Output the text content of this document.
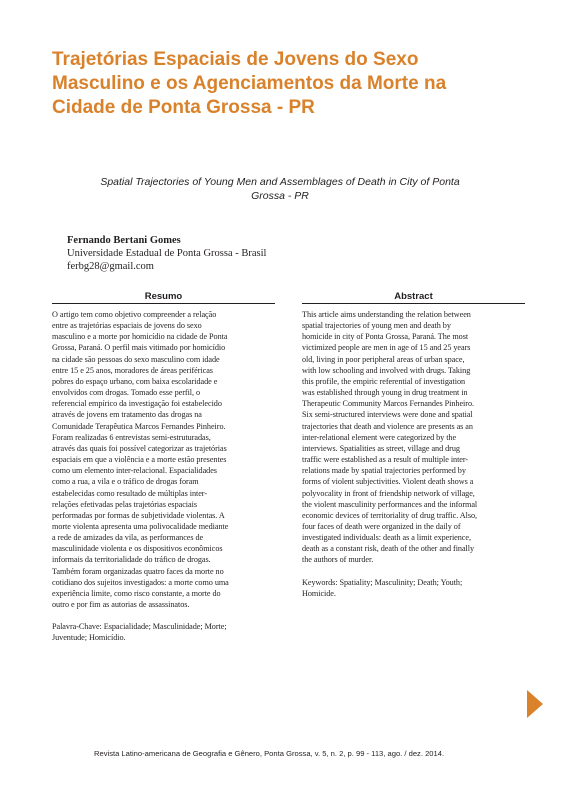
Trajetórias Espaciais de Jovens do Sexo
Masculino e os Agenciamentos da Morte na
Cidade de Ponta Grossa - PR
Spatial Trajectories of Young Men and Assemblages of Death in City of Ponta
Grossa - PR
Fernando Bertani Gomes
Universidade Estadual de Ponta Grossa - Brasil
ferbg28@gmail.com
Resumo
O artigo tem como objetivo compreender a relação
entre as trajetórias espaciais de jovens do sexo
masculino e a morte por homicídio na cidade de Ponta
Grossa, Paraná. O perfil mais vitimado por homicídio
na cidade são pessoas do sexo masculino com idade
entre 15 e 25 anos, moradores de áreas periféricas
pobres do espaço urbano, com baixa escolaridade e
envolvidos com drogas. Tomado esse perfil, o
referencial empírico da investigação foi estabelecido
através de jovens em tratamento das drogas na
Comunidade Terapêutica Marcos Fernandes Pinheiro.
Foram realizadas 6 entrevistas semi-estruturadas,
através das quais foi possível categorizar as trajetórias
espaciais em que a violência e a morte estão presentes
como um elemento inter-relacional. Espacialidades
como a rua, a vila e o tráfico de drogas foram
estabelecidas como resultado de múltiplas inter-
relações efetivadas pelas trajetórias espaciais
performadas por formas de subjetividade violentas. A
morte violenta apresenta uma polivocalidade mediante
a rede de amizades da vila, as performances de
masculinidade violenta e os dispositivos econômicos
informais da territorialidade do tráfico de drogas.
Também foram organizadas quatro faces da morte no
cotidiano dos sujeitos investigados: a morte como uma
experiência limite, como risco constante, a morte do
outro e por fim as autorias de assassinatos.
Palavra-Chave: Espacialidade; Masculinidade; Morte;
Juventude; Homicídio.
Abstract
This article aims understanding the relation between
spatial trajectories of young men and death by
homicide in city of Ponta Grossa, Paraná. The most
victimized people are men in age of 15 and 25 years
old, living in poor peripheral areas of urban space,
with low schooling and involved with drugs. Taking
this profile, the empiric referential of investigation
was established through young in drug treatment in
Therapeutic Community Marcos Fernandes Pinheiro.
Six semi-structured interviews were done and spatial
trajectories that death and violence are presents as an
inter-relational element were categorized by the
interviews. Spatialities as street, village and drug
traffic were established as a result of multiple inter-
relations made by spatial trajectories performed by
forms of violent subjectivities. Violent death shows a
polyvocality in front of friendship network of village,
the violent masculinity performances and the informal
economic devices of territoriality of drug traffic. Also,
four faces of death were organized in the daily of
investigated individuals: death as a limit experience,
death as a constant risk, death of the other and finally
the authors of murder.
Keywords: Spatiality; Masculinity; Death; Youth;
Homicide.
Revista Latino-americana de Geografia e Gênero, Ponta Grossa, v. 5, n. 2, p. 99 - 113, ago. / dez. 2014.
